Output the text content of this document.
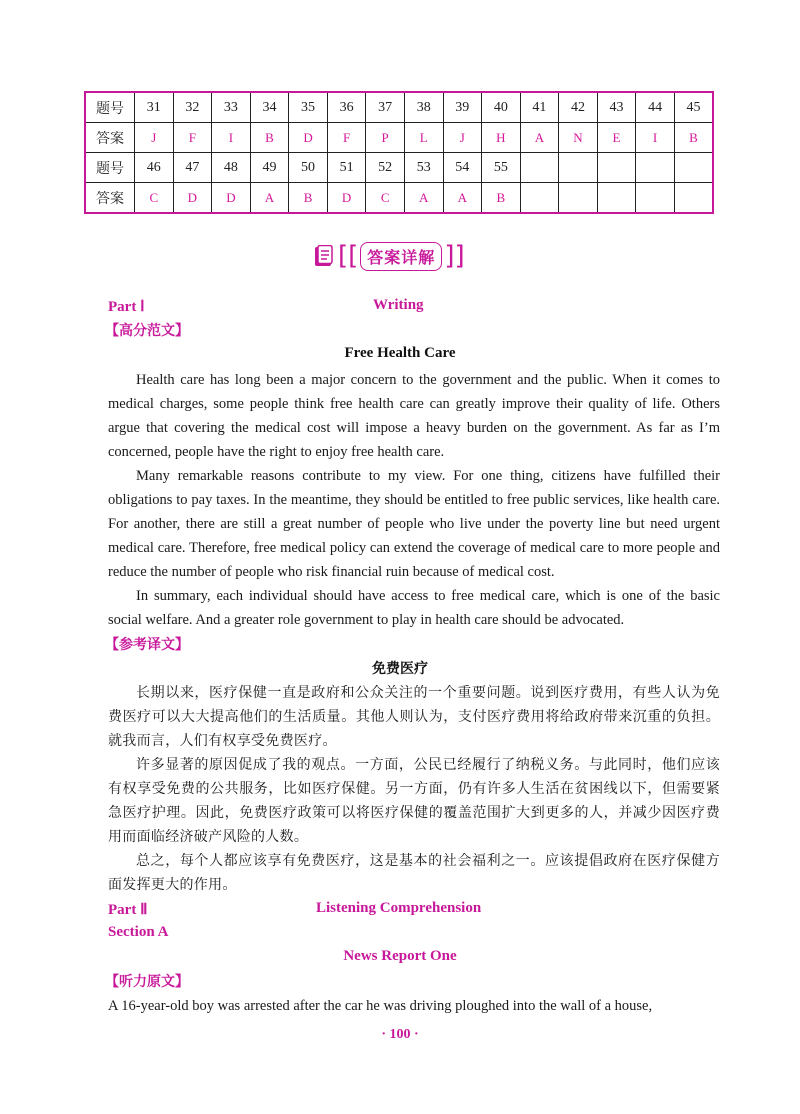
题号	31	32	33	34	35	36	37	38	39	40	41	42	43	44	45
答案	J	F	I	B	D	F	P	L	J	H	A	N	E	I	B
题号	46	47	48	49	50	51	52	53	54	55					
答案	C	D	D	A	B	D	C	A	A	B					
[[ 答案详解 ]]
Part Ⅰ	Writing
【高分范文】
Free Health Care
Health care has long been a major concern to the government and the public. When it comes to medical charges, some people think free health care can greatly improve their quality of life. Others argue that covering the medical cost will impose a heavy burden on the government. As far as I’m concerned, people have the right to enjoy free health care.
Many remarkable reasons contribute to my view. For one thing, citizens have fulfilled their obligations to pay taxes. In the meantime, they should be entitled to free public services, like health care. For another, there are still a great number of people who live under the poverty line but need urgent medical care. Therefore, free medical policy can extend the coverage of medical care to more people and reduce the number of people who risk financial ruin because of medical cost.
In summary, each individual should have access to free medical care, which is one of the basic social welfare. And a greater role government to play in health care should be advocated.
【参考译文】
免费医疗
长期以来，医疗保健一直是政府和公众关注的一个重要问题。说到医疗费用，有些人认为免费医疗可以大大提高他们的生活质量。其他人则认为，支付医疗费用将给政府带来沉重的负担。就我而言，人们有权享受免费医疗。
许多显著的原因促成了我的观点。一方面，公民已经履行了纳税义务。与此同时，他们应该有权享受免费的公共服务，比如医疗保健。另一方面，仍有许多人生活在贫困线以下，但需要紧急医疗护理。因此，免费医疗政策可以将医疗保健的覆盖范围扩大到更多的人，并减少因医疗费用而面临经济破产风险的人数。
总之，每个人都应该享有免费医疗，这是基本的社会福利之一。应该提倡政府在医疗保健方面发挥更大的作用。
Part Ⅱ	Listening Comprehension
Section A
News Report One
【听力原文】
A 16-year-old boy was arrested after the car he was driving ploughed into the wall of a house,
· 100 ·
